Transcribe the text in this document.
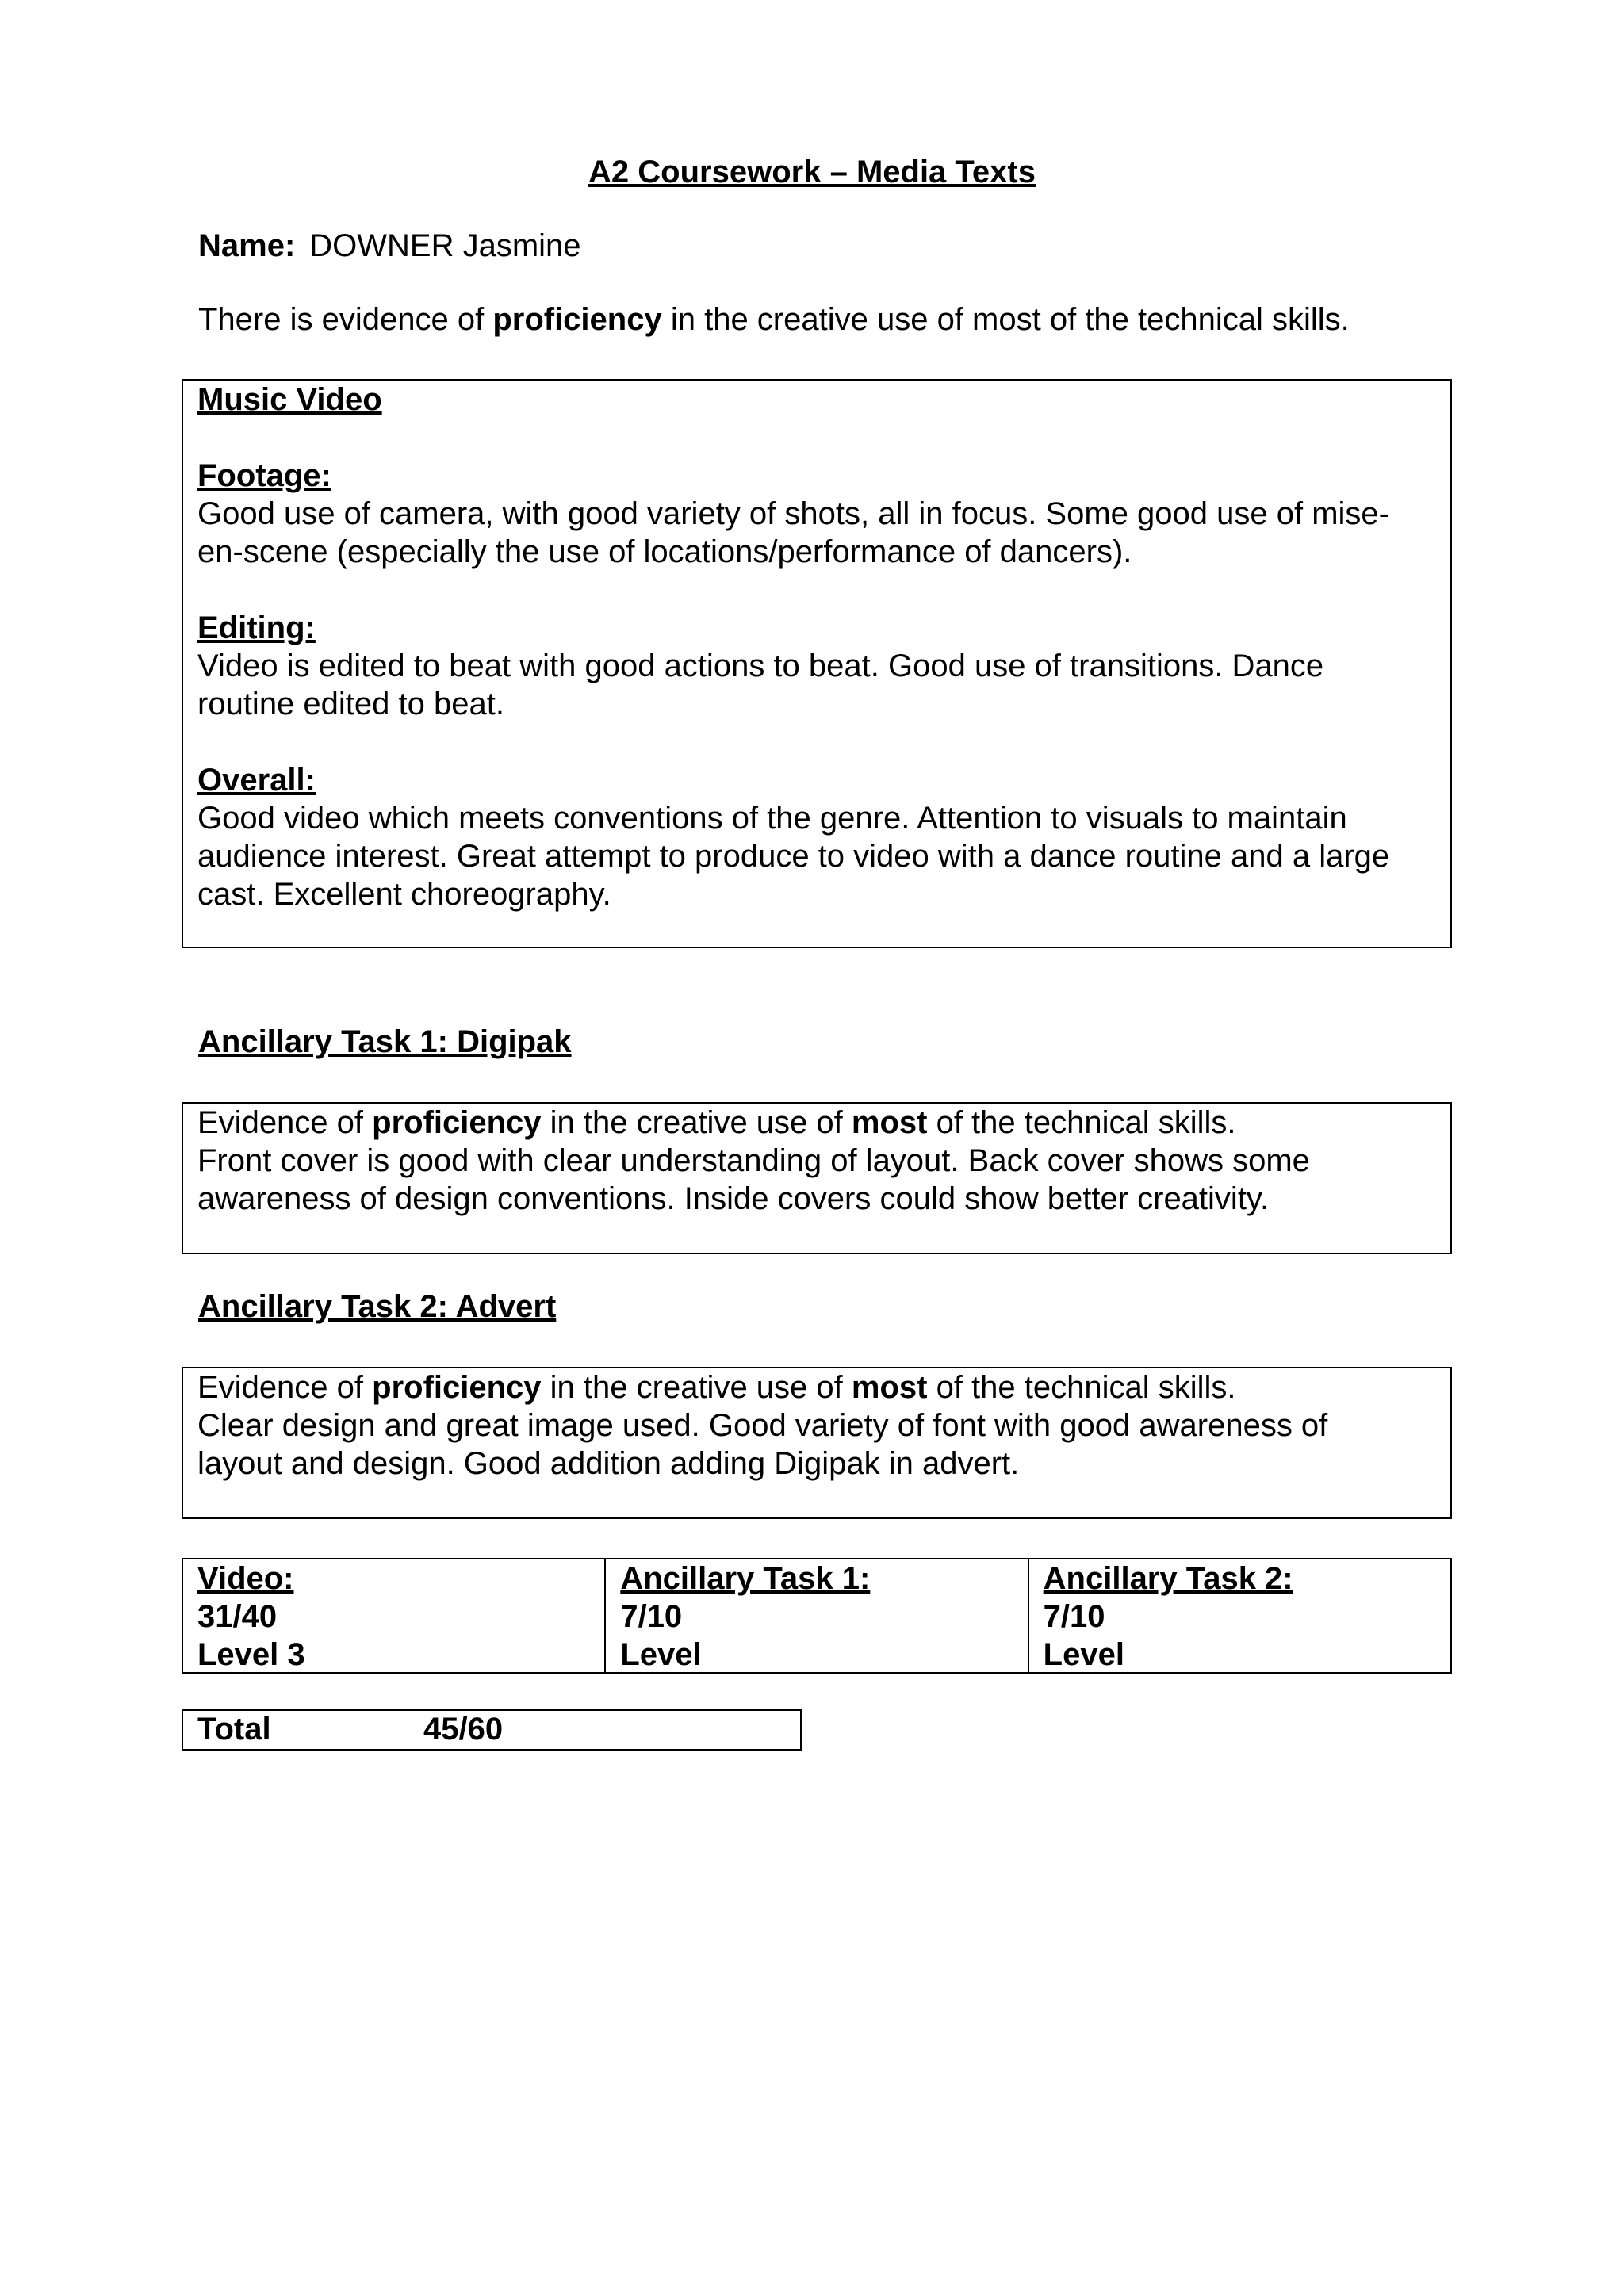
A2 Coursework – Media Texts
Name: DOWNER Jasmine
There is evidence of proficiency in the creative use of most of the technical skills.

Music Video

Footage:

Good use of camera, with good variety of shots, all in focus. Some good use of mise-

en-scene (especially the use of locations/performance of dancers).

Editing:

Video is edited to beat with good actions to beat. Good use of transitions. Dance

routine edited to beat.

Overall:

Good video which meets conventions of the genre. Attention to visuals to maintain

audience interest. Great attempt to produce to video with a dance routine and a large

cast. Excellent choreography.

Ancillary Task 1: Digipak

Evidence of proficiency in the creative use of most of the technical skills.

Front cover is good with clear understanding of layout. Back cover shows some

awareness of design conventions. Inside covers could show better creativity.

Ancillary Task 2: Advert

Evidence of proficiency in the creative use of most of the technical skills.

Clear design and great image used. Good variety of font with good awareness of

layout and design. Good addition adding Digipak in advert.

Video:
31/40
Level 3
Ancillary Task 1:
7/10
Level
Ancillary Task 2:
7/10
Level
Total	45/60
